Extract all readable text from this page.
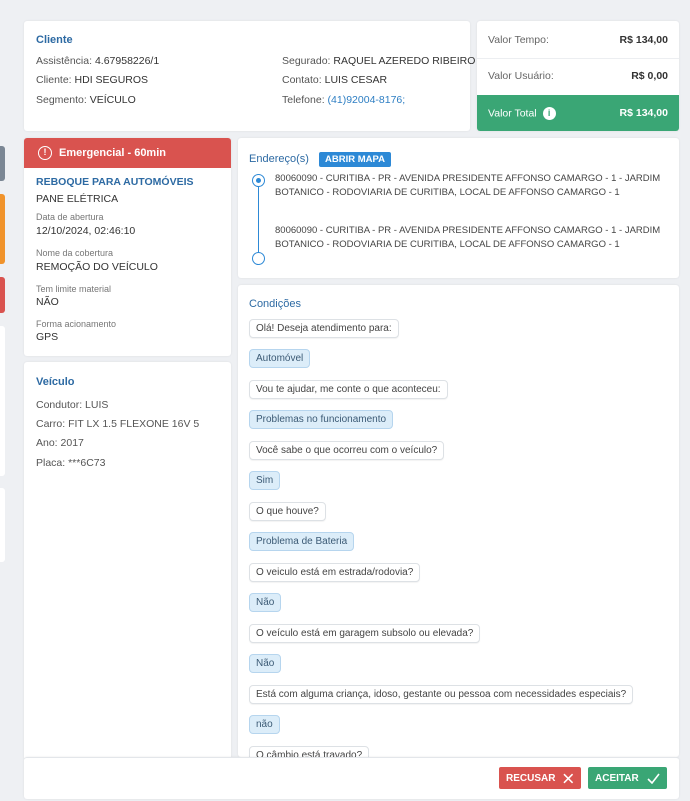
Cliente
Assistência: 4.67958226/1
Cliente: HDI SEGUROS
Segmento: VEÍCULO
Segurado: RAQUEL AZEREDO RIBEIRO
Contato: LUIS CESAR
Telefone: (41)92004-8176;
Valor Tempo:	R$ 134,00
Valor Usuário:	R$ 0,00
Valor Total i	R$ 134,00
!	Emergencial - 60min
REBOQUE PARA AUTOMÓVEIS
PANE ELÉTRICA
Data de abertura
12/10/2024, 02:46:10
Nome da cobertura
REMOÇÃO DO VEÍCULO
Tem limite material
NÃO
Forma acionamento
GPS
Veículo
Condutor: LUIS
Carro: FIT LX 1.5 FLEXONE 16V 5
Ano: 2017
Placa: ***6C73
Endereço(s)	ABRIR MAPA
80060090 - CURITIBA - PR - AVENIDA PRESIDENTE AFFONSO CAMARGO - 1 - JARDIM BOTANICO - RODOVIARIA DE CURITIBA, LOCAL DE AFFONSO CAMARGO - 1
80060090 - CURITIBA - PR - AVENIDA PRESIDENTE AFFONSO CAMARGO - 1 - JARDIM BOTANICO - RODOVIARIA DE CURITIBA, LOCAL DE AFFONSO CAMARGO - 1
Condições
Olá! Deseja atendimento para:
Automóvel
Vou te ajudar, me conte o que aconteceu:
Problemas no funcionamento
Você sabe o que ocorreu com o veículo?
Sim
O que houve?
Problema de Bateria
O veiculo está em estrada/rodovia?
Não
O veículo está em garagem subsolo ou elevada?
Não
Está com alguma criança, idoso, gestante ou pessoa com necessidades especiais?
não
O câmbio está travado?
RECUSAR	ACEITAR
